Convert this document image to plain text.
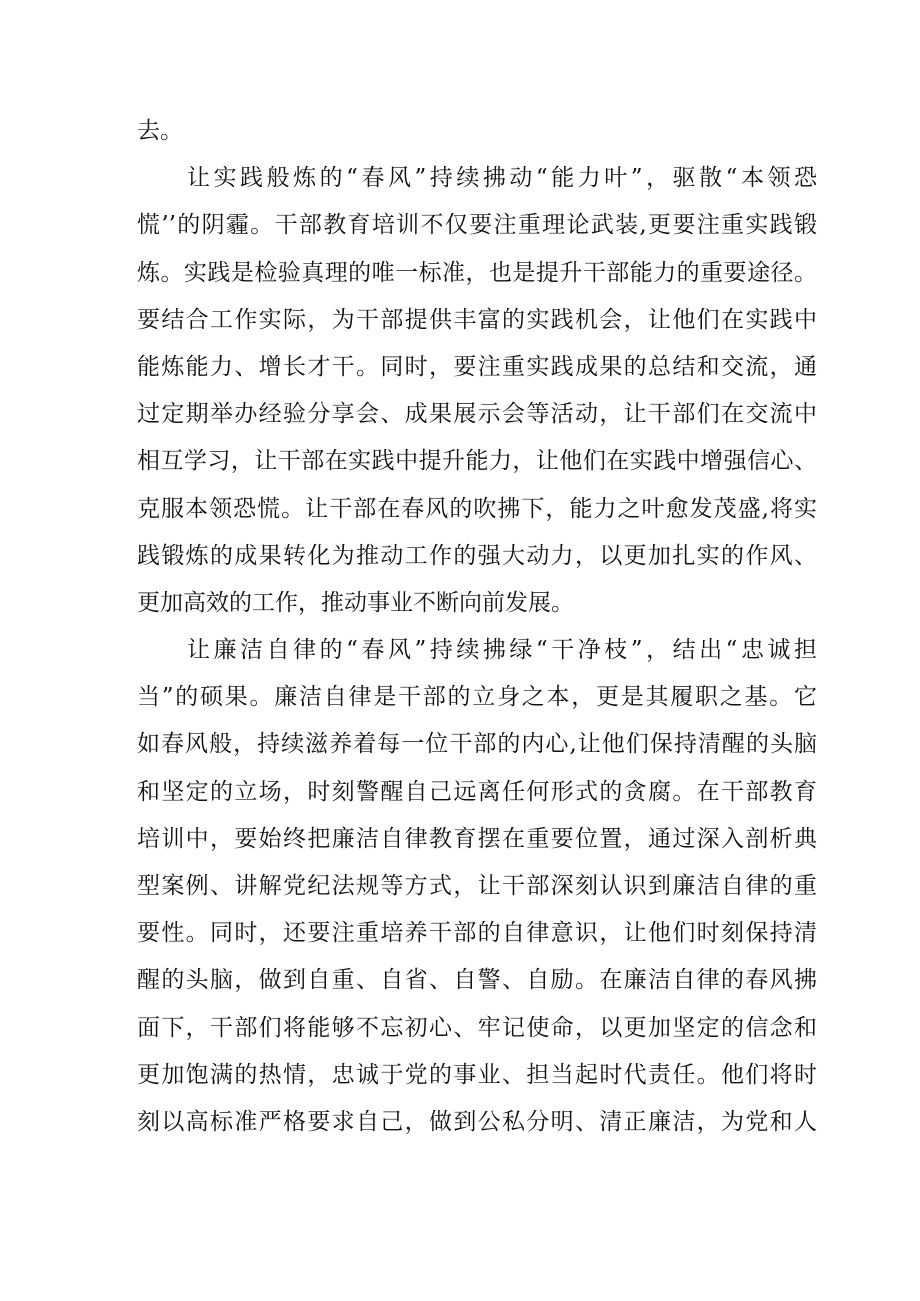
去。
让实践般炼的“春风”持续拂动“能力叶”，驱散“本领恐
慌’’的阴霾。干部教育培训不仅要注重理论武装,更要注重实践锻
炼。实践是检验真理的唯一标准，也是提升干部能力的重要途径。
要结合工作实际，为干部提供丰富的实践机会，让他们在实践中
能炼能力、增长才干。同时，要注重实践成果的总结和交流，通
过定期举办经验分享会、成果展示会等活动，让干部们在交流中
相互学习，让干部在实践中提升能力，让他们在实践中增强信心、
克服本领恐慌。让干部在春风的吹拂下，能力之叶愈发茂盛,将实
践锻炼的成果转化为推动工作的强大动力，以更加扎实的作风、
更加高效的工作，推动事业不断向前发展。
让廉洁自律的“春风”持续拂绿“干净枝”，结出“忠诚担
当”的硕果。廉洁自律是干部的立身之本，更是其履职之基。它
如春风般，持续滋养着每一位干部的内心,让他们保持清醒的头脑
和坚定的立场，时刻警醒自己远离任何形式的贪腐。在干部教育
培训中，要始终把廉洁自律教育摆在重要位置，通过深入剖析典
型案例、讲解党纪法规等方式，让干部深刻认识到廉洁自律的重
要性。同时，还要注重培养干部的自律意识，让他们时刻保持清
醒的头脑，做到自重、自省、自警、自励。在廉洁自律的春风拂
面下，干部们将能够不忘初心、牢记使命，以更加坚定的信念和
更加饱满的热情，忠诚于党的事业、担当起时代责任。他们将时
刻以高标准严格要求自己，做到公私分明、清正廉洁，为党和人
